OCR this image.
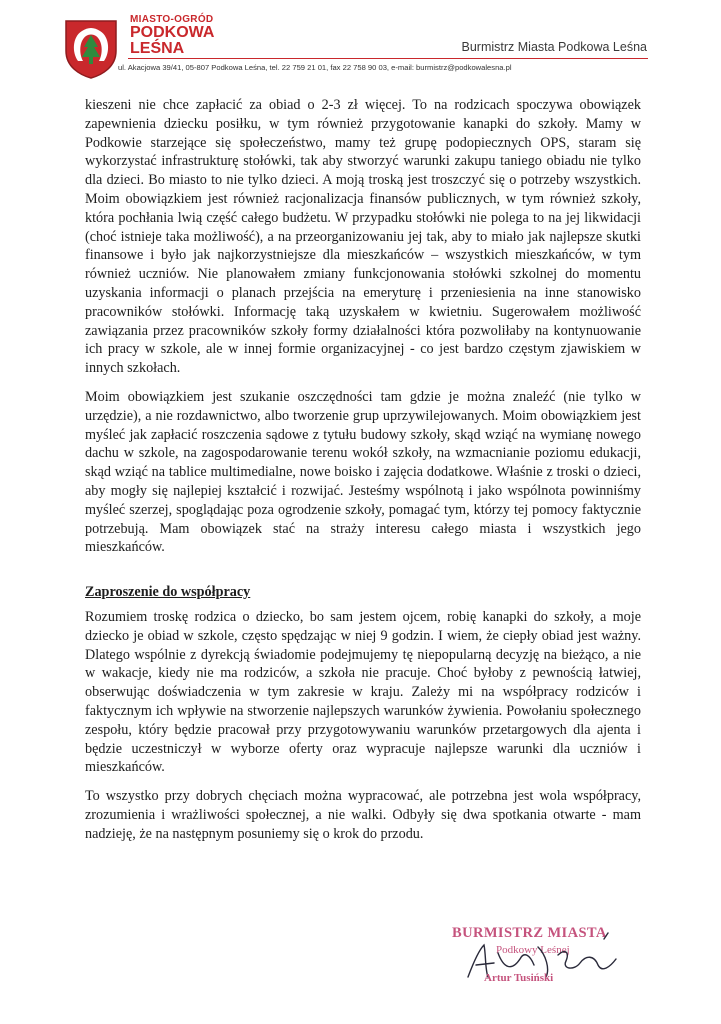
MIASTO-OGRÓD
PODKOWA
LEŚNA	Burmistrz Miasta Podkowa Leśna
ul. Akacjowa 39/41, 05-807 Podkowa Leśna, tel. 22 759 21 01, fax 22 758 90 03, e-mail: burmistrz@podkowalesna.pl

kieszeni nie chce zapłacić za obiad o 2-3 zł więcej. To na rodzicach spoczywa obowiązek zapewnienia dziecku posiłku, w tym również przygotowanie kanapki do szkoły. Mamy w Podkowie starzejące się społeczeństwo, mamy też grupę podopiecznych OPS, staram się wykorzystać infrastrukturę stołówki, tak aby stworzyć warunki zakupu taniego obiadu nie tylko dla dzieci. Bo miasto to nie tylko dzieci. A moją troską jest troszczyć się o potrzeby wszystkich. Moim obowiązkiem jest również racjonalizacja finansów publicznych, w tym również szkoły, która pochłania lwią część całego budżetu. W przypadku stołówki nie polega to na jej likwidacji (choć istnieje taka możliwość), a na przeorganizowaniu jej tak, aby to miało jak najlepsze skutki finansowe i było jak najkorzystniejsze dla mieszkańców – wszystkich mieszkańców, w tym również uczniów. Nie planowałem zmiany funkcjonowania stołówki szkolnej do momentu uzyskania informacji o planach przejścia na emeryturę i przeniesienia na inne stanowisko pracowników stołówki. Informację taką uzyskałem w kwietniu. Sugerowałem możliwość zawiązania przez pracowników szkoły formy działalności która pozwoliłaby na kontynuowanie ich pracy w szkole, ale w innej formie organizacyjnej - co jest bardzo częstym zjawiskiem w innych szkołach.

Moim obowiązkiem jest szukanie oszczędności tam gdzie je można znaleźć (nie tylko w urzędzie), a nie rozdawnictwo, albo tworzenie grup uprzywilejowanych. Moim obowiązkiem jest myśleć jak zapłacić roszczenia sądowe z tytułu budowy szkoły, skąd wziąć na wymianę nowego dachu w szkole, na zagospodarowanie terenu wokół szkoły, na wzmacnianie poziomu edukacji, skąd wziąć na tablice multimedialne, nowe boisko i zajęcia dodatkowe. Właśnie z troski o dzieci, aby mogły się najlepiej kształcić i rozwijać. Jesteśmy wspólnotą i jako wspólnota powinniśmy myśleć szerzej, spoglądając poza ogrodzenie szkoły, pomagać tym, którzy tej pomocy faktycznie potrzebują. Mam obowiązek stać na straży interesu całego miasta i wszystkich jego mieszkańców.

Zaproszenie do współpracy

Rozumiem troskę rodzica o dziecko, bo sam jestem ojcem, robię kanapki do szkoły, a moje dziecko je obiad w szkole, często spędzając w niej 9 godzin. I wiem, że ciepły obiad jest ważny. Dlatego wspólnie z dyrekcją świadomie podejmujemy tę niepopularną decyzję na bieżąco, a nie w wakacje, kiedy nie ma rodziców, a szkoła nie pracuje. Choć byłoby z pewnością łatwiej, obserwując doświadczenia w tym zakresie w kraju. Zależy mi na współpracy rodziców i faktycznym ich wpływie na stworzenie najlepszych warunków żywienia. Powołaniu społecznego zespołu, który będzie pracował przy przygotowywaniu warunków przetargowych dla ajenta i będzie uczestniczył w wyborze oferty oraz wypracuje najlepsze warunki dla uczniów i mieszkańców.

To wszystko przy dobrych chęciach można wypracować, ale potrzebna jest wola współpracy, zrozumienia i wrażliwości społecznej, a nie walki. Odbyły się dwa spotkania otwarte - mam nadzieję, że na następnym posuniemy się o krok do przodu.

BURMISTRZ MIASTA
Podkowy Leśnej
Artur Tusiński
